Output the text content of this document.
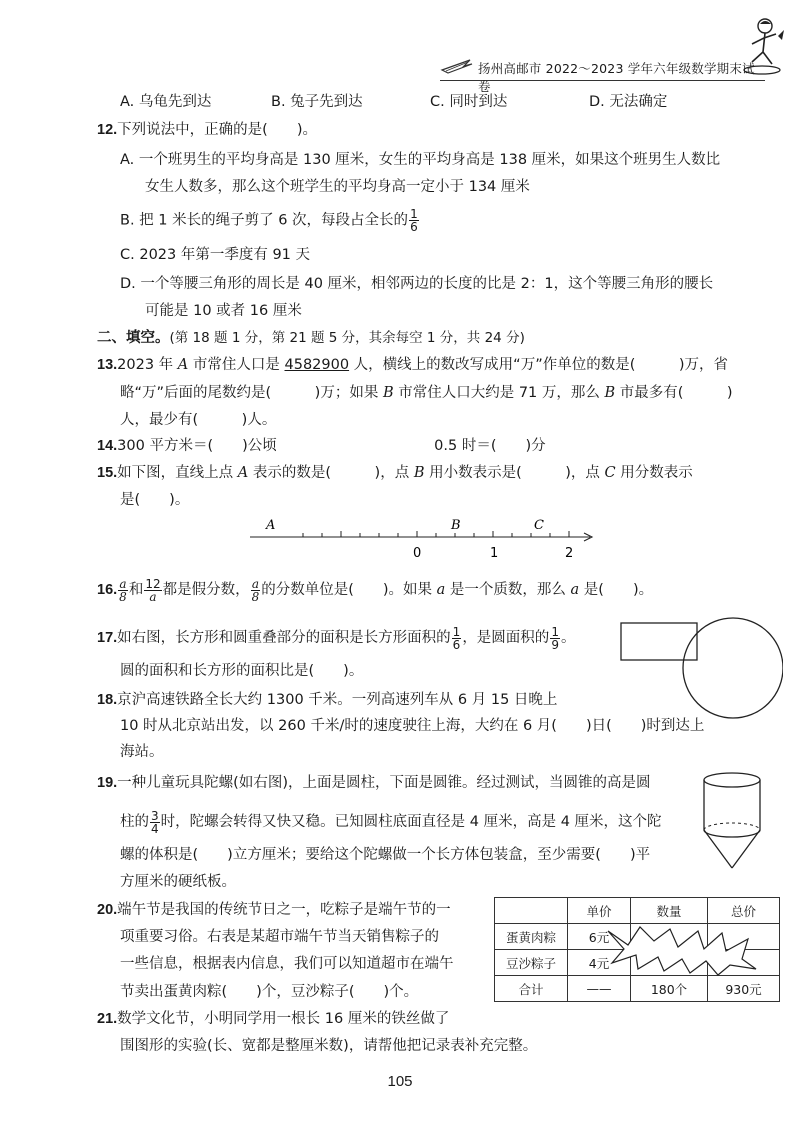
扬州高邮市 2022～2023 学年六年级数学期末试卷
A. 乌龟先到达	B. 兔子先到达	C. 同时到达	D. 无法确定
12.下列说法中，正确的是(　　)。
A. 一个班男生的平均身高是 130 厘米，女生的平均身高是 138 厘米，如果这个班男生人数比
女生人数多，那么这个班学生的平均身高一定小于 134 厘米
B. 把 1 米长的绳子剪了 6 次，每段占全长的 $\frac{1}{6}$
C. 2023 年第一季度有 91 天
D. 一个等腰三角形的周长是 40 厘米，相邻两边的长度的比是 2：1，这个等腰三角形的腰长
可能是 10 或者 16 厘米
二、填空。(第 18 题 1 分，第 21 题 5 分，其余每空 1 分，共 24 分)
13.2023 年 A 市常住人口是 4582900 人，横线上的数改写成用“万”作单位的数是(　　　)万，省
略“万”后面的尾数约是(　　　)万；如果 B 市常住人口大约是 71 万，那么 B 市最多有(　　　)
人，最少有(　　　)人。
14.300 平方米＝(　　)公顷	0.5 时＝(　　)分
15.如下图，直线上点 A 表示的数是(　　　)，点 B 用小数表示是(　　　)，点 C 用分数表示
是(　　)。
A	B	C
0	1	2
16. $\frac{a}{8}$ 和 $\frac{12}{a}$ 都是假分数， $\frac{a}{8}$ 的分数单位是(　　)。如果 a 是一个质数，那么 a 是(　　)。
17.如右图，长方形和圆重叠部分的面积是长方形面积的 $\frac{1}{6}$ ，是圆面积的 $\frac{1}{9}$ 。
圆的面积和长方形的面积比是(　　)。
18.京沪高速铁路全长大约 1300 千米。一列高速列车从 6 月 15 日晚上
10 时从北京站出发，以 260 千米/时的速度驶往上海，大约在 6 月(　　)日(　　)时到达上
海站。
19.一种儿童玩具陀螺(如右图)，上面是圆柱，下面是圆锥。经过测试，当圆锥的高是圆
柱的 $\frac{3}{4}$ 时，陀螺会转得又快又稳。已知圆柱底面直径是 4 厘米，高是 4 厘米，这个陀
螺的体积是(　　)立方厘米；要给这个陀螺做一个长方体包装盒，至少需要(　　)平
方厘米的硬纸板。
20.端午节是我国的传统节日之一，吃粽子是端午节的一
项重要习俗。右表是某超市端午节当天销售粽子的
一些信息，根据表内信息，我们可以知道超市在端午
节卖出蛋黄肉粽(　　)个，豆沙粽子(　　)个。
	单价	数量	总价
蛋黄肉粽	6元		
豆沙粽子	4元		
合计	——	180个	930元
21.数学文化节，小明同学用一根长 16 厘米的铁丝做了
围图形的实验(长、宽都是整厘米数)，请帮他把记录表补充完整。
105
